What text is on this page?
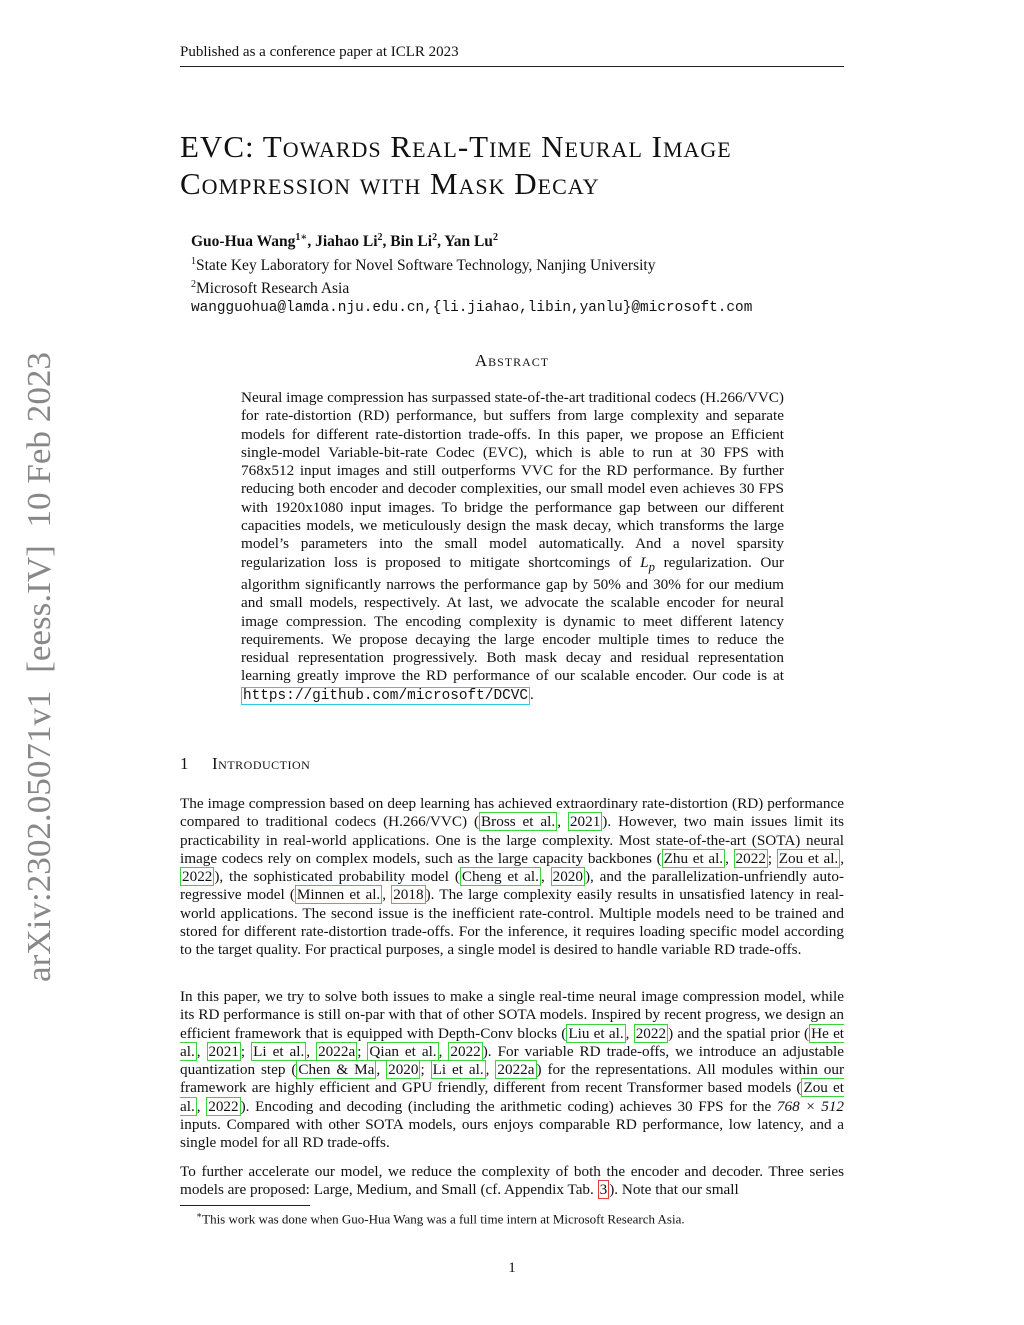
Published as a conference paper at ICLR 2023
arXiv:2302.05071v1  [eess.IV]  10 Feb 2023
EVC: Towards Real-Time Neural Image Compression with Mask Decay
Guo-Hua Wang$^{1∗}$, Jiahao Li$^2$, Bin Li$^2$, Yan Lu$^2$
$^1$State Key Laboratory for Novel Software Technology, Nanjing University
$^2$Microsoft Research Asia
wangguohua@lamda.nju.edu.cn,{li.jiahao,libin,yanlu}@microsoft.com
Abstract
Neural image compression has surpassed state-of-the-art traditional codecs (H.266/VVC) for rate-distortion (RD) performance, but suffers from large complexity and separate models for different rate-distortion trade-offs. In this paper, we propose an Efficient single-model Variable-bit-rate Codec (EVC), which is able to run at 30 FPS with 768x512 input images and still outperforms VVC for the RD performance. By further reducing both encoder and decoder complexities, our small model even achieves 30 FPS with 1920x1080 input images. To bridge the performance gap between our different capacities models, we meticulously design the mask decay, which transforms the large model’s parameters into the small model automatically. And a novel sparsity regularization loss is proposed to mitigate shortcomings of $L_p$ regularization. Our algorithm significantly narrows the performance gap by 50% and 30% for our medium and small models, respectively. At last, we advocate the scalable encoder for neural image compression. The encoding complexity is dynamic to meet different latency requirements. We propose decaying the large encoder multiple times to reduce the residual representation progressively. Both mask decay and residual representation learning greatly improve the RD performance of our scalable encoder. Our code is at https://github.com/microsoft/DCVC .
1 Introduction
The image compression based on deep learning has achieved extraordinary rate-distortion (RD) performance compared to traditional codecs (H.266/VVC) ( Bross et al. , 2021 ). However, two main issues limit its practicability in real-world applications. One is the large complexity. Most state-of-the-art (SOTA) neural image codecs rely on complex models, such as the large capacity backbones ( Zhu et al. , 2022 ; Zou et al. , 2022 ), the sophisticated probability model ( Cheng et al. , 2020 ), and the parallelization-unfriendly auto-regressive model ( Minnen et al. , 2018 ). The large complexity easily results in unsatisfied latency in real-world applications. The second issue is the inefficient rate-control. Multiple models need to be trained and stored for different rate-distortion trade-offs. For the inference, it requires loading specific model according to the target quality. For practical purposes, a single model is desired to handle variable RD trade-offs.
In this paper, we try to solve both issues to make a single real-time neural image compression model, while its RD performance is still on-par with that of other SOTA models. Inspired by recent progress, we design an efficient framework that is equipped with Depth-Conv blocks ( Liu et al. , 2022 ) and the spatial prior ( He et al. , 2021 ; Li et al. , 2022a ; Qian et al. , 2022 ). For variable RD trade-offs, we introduce an adjustable quantization step ( Chen & Ma , 2020 ; Li et al. , 2022a ) for the representations. All modules within our framework are highly efficient and GPU friendly, different from recent Transformer based models ( Zou et al. , 2022 ). Encoding and decoding (including the arithmetic coding) achieves 30 FPS for the 768 × 512 inputs. Compared with other SOTA models, ours enjoys comparable RD performance, low latency, and a single model for all RD trade-offs.
To further accelerate our model, we reduce the complexity of both the encoder and decoder. Three series models are proposed: Large, Medium, and Small (cf. Appendix Tab. 3 ). Note that our small
∗This work was done when Guo-Hua Wang was a full time intern at Microsoft Research Asia.
1
